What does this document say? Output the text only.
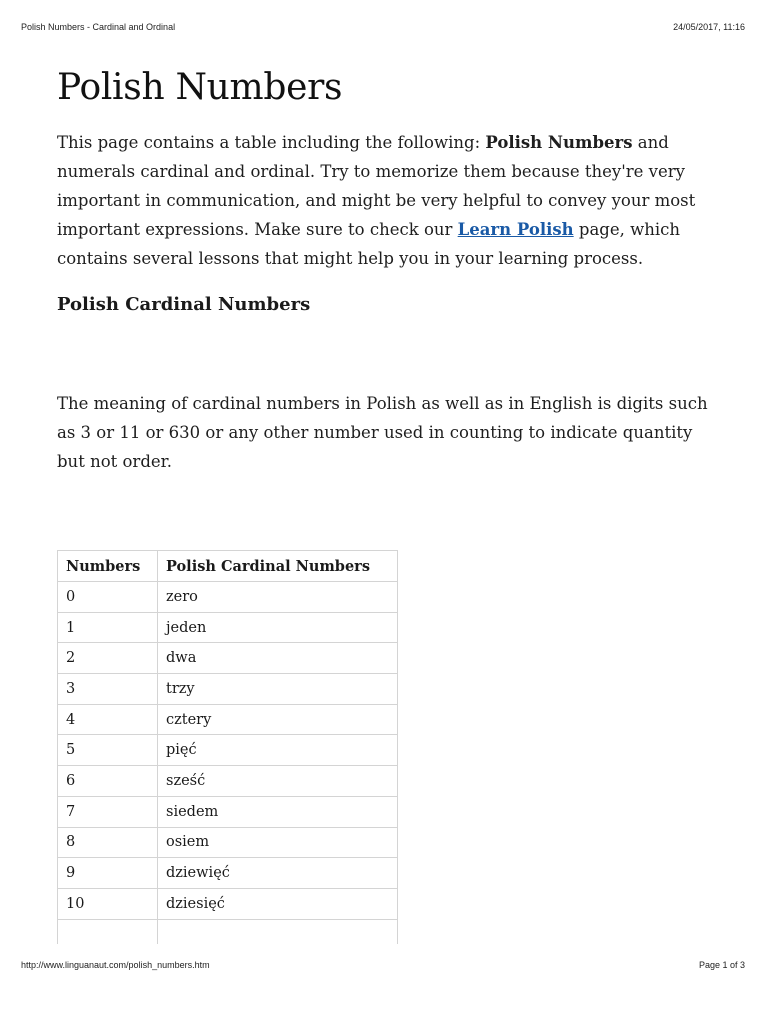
Polish Numbers - Cardinal and Ordinal	24/05/2017, 11:16
Polish Numbers

This page contains a table including the following: Polish Numbers and numerals cardinal and ordinal. Try to memorize them because they're very important in communication, and might be very helpful to convey your most important expressions. Make sure to check our Learn Polish page, which contains several lessons that might help you in your learning process.

Polish Cardinal Numbers

The meaning of cardinal numbers in Polish as well as in English is digits such as 3 or 11 or 630 or any other number used in counting to indicate quantity but not order.

Numbers	Polish Cardinal Numbers
0	zero
1	jeden
2	dwa
3	trzy
4	cztery
5	pięć
6	sześć
7	siedem
8	osiem
9	dziewięć
10	dziesięć

http://www.linguanaut.com/polish_numbers.htm	Page 1 of 3
